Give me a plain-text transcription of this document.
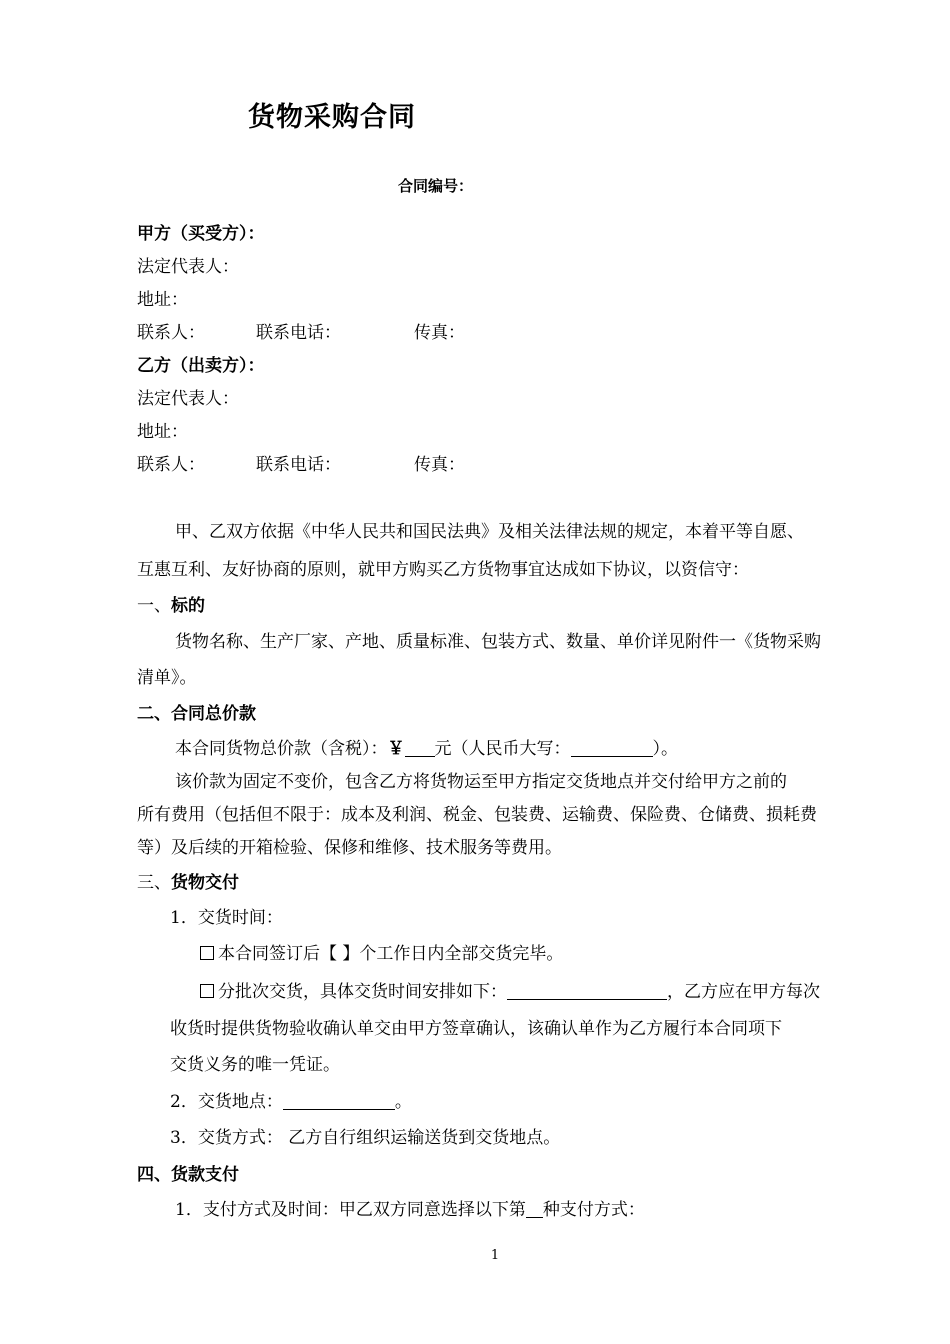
货物采购合同
合同编号：
甲方（买受方）：
法定代表人：
地址：
联系人：	联系电话：	传真：
乙方（出卖方）：
法定代表人：
地址：
联系人：	联系电话：	传真：
甲、乙双方依据《中华人民共和国民法典》及相关法律法规的规定，本着平等自愿、
互惠互利、友好协商的原则，就甲方购买乙方货物事宜达成如下协议，以资信守：
一、标的
货物名称、生产厂家、产地、质量标准、包装方式、数量、单价详见附件一《货物采购
清单》。
二、合同总价款
本合同货物总价款（含税）：￥ 元（人民币大写：	）。
该价款为固定不变价，包含乙方将货物运至甲方指定交货地点并交付给甲方之前的
所有费用（包括但不限于：成本及利润、税金、包装费、运输费、保险费、仓储费、损耗费
等）及后续的开箱检验、保修和维修、技术服务等费用。
三、货物交付
1．交货时间：
本合同签订后【 】个工作日内全部交货完毕。
分批次交货，具体交货时间安排如下：	，乙方应在甲方每次
收货时提供货物验收确认单交由甲方签章确认，该确认单作为乙方履行本合同项下
交货义务的唯一凭证。
2．交货地点：	。
3．交货方式： 乙方自行组织运输送货到交货地点。
四、货款支付
1．支付方式及时间：甲乙双方同意选择以下第 种支付方式：
1
